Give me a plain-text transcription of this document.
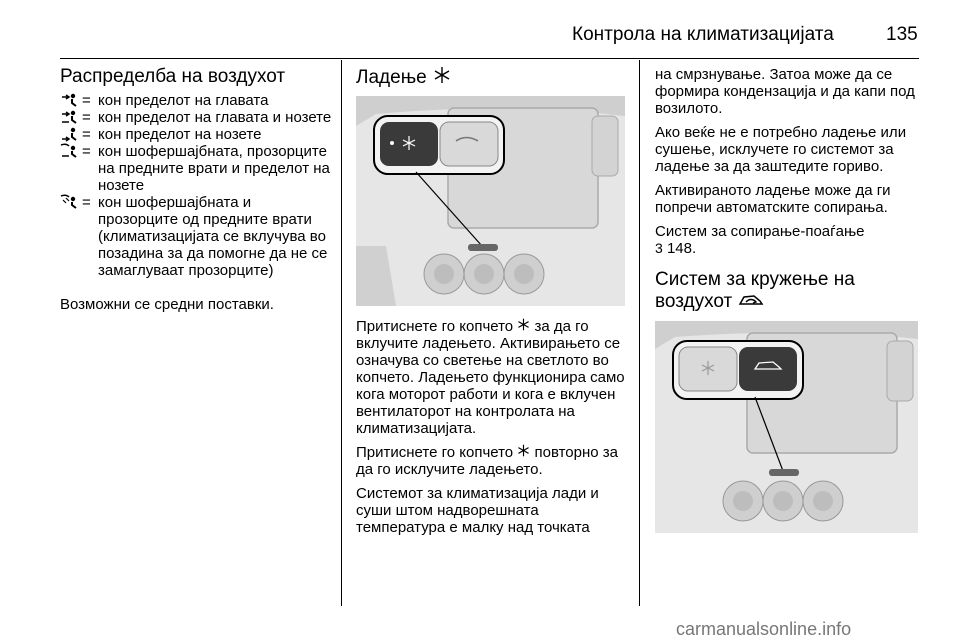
Контрола на климатизацијата	135
Распределба на воздухот
= кон пределот на главата
= кон пределот на главата и нозете
= кон пределот на нозете
= кон шофершајбната, прозорците на предните врати и пределот на нозете
= кон шофершајбната и прозорците од предните врати (климатизацијата се вклучува во позадина за да помогне да не се замаглуваат прозорците)

Возможни се средни поставки.

Ладење

Притиснете го копчето за да го вклучите ладењето. Активирањето се означува со светење на светлото во копчето. Ладењето функционира само кога моторот работи и кога е вклучен вентилаторот на контролата на климатизацијата.

Притиснете го копчето повторно за да го исклучите ладењето.

Системот за климатизација лади и суши штом надворешната температура е малку над точката

на смрзнување. Затоа може да се формира кондензација и да капи под возилото.

Ако веќе не е потребно ладење или сушење, исклучете го системот за ладење за да заштедите гориво.

Активираното ладење може да ги попречи автоматските сопирања.

Систем за сопирање-поаѓање
3 148.

Систем за кружење на воздухот
carmanualsonline.info
